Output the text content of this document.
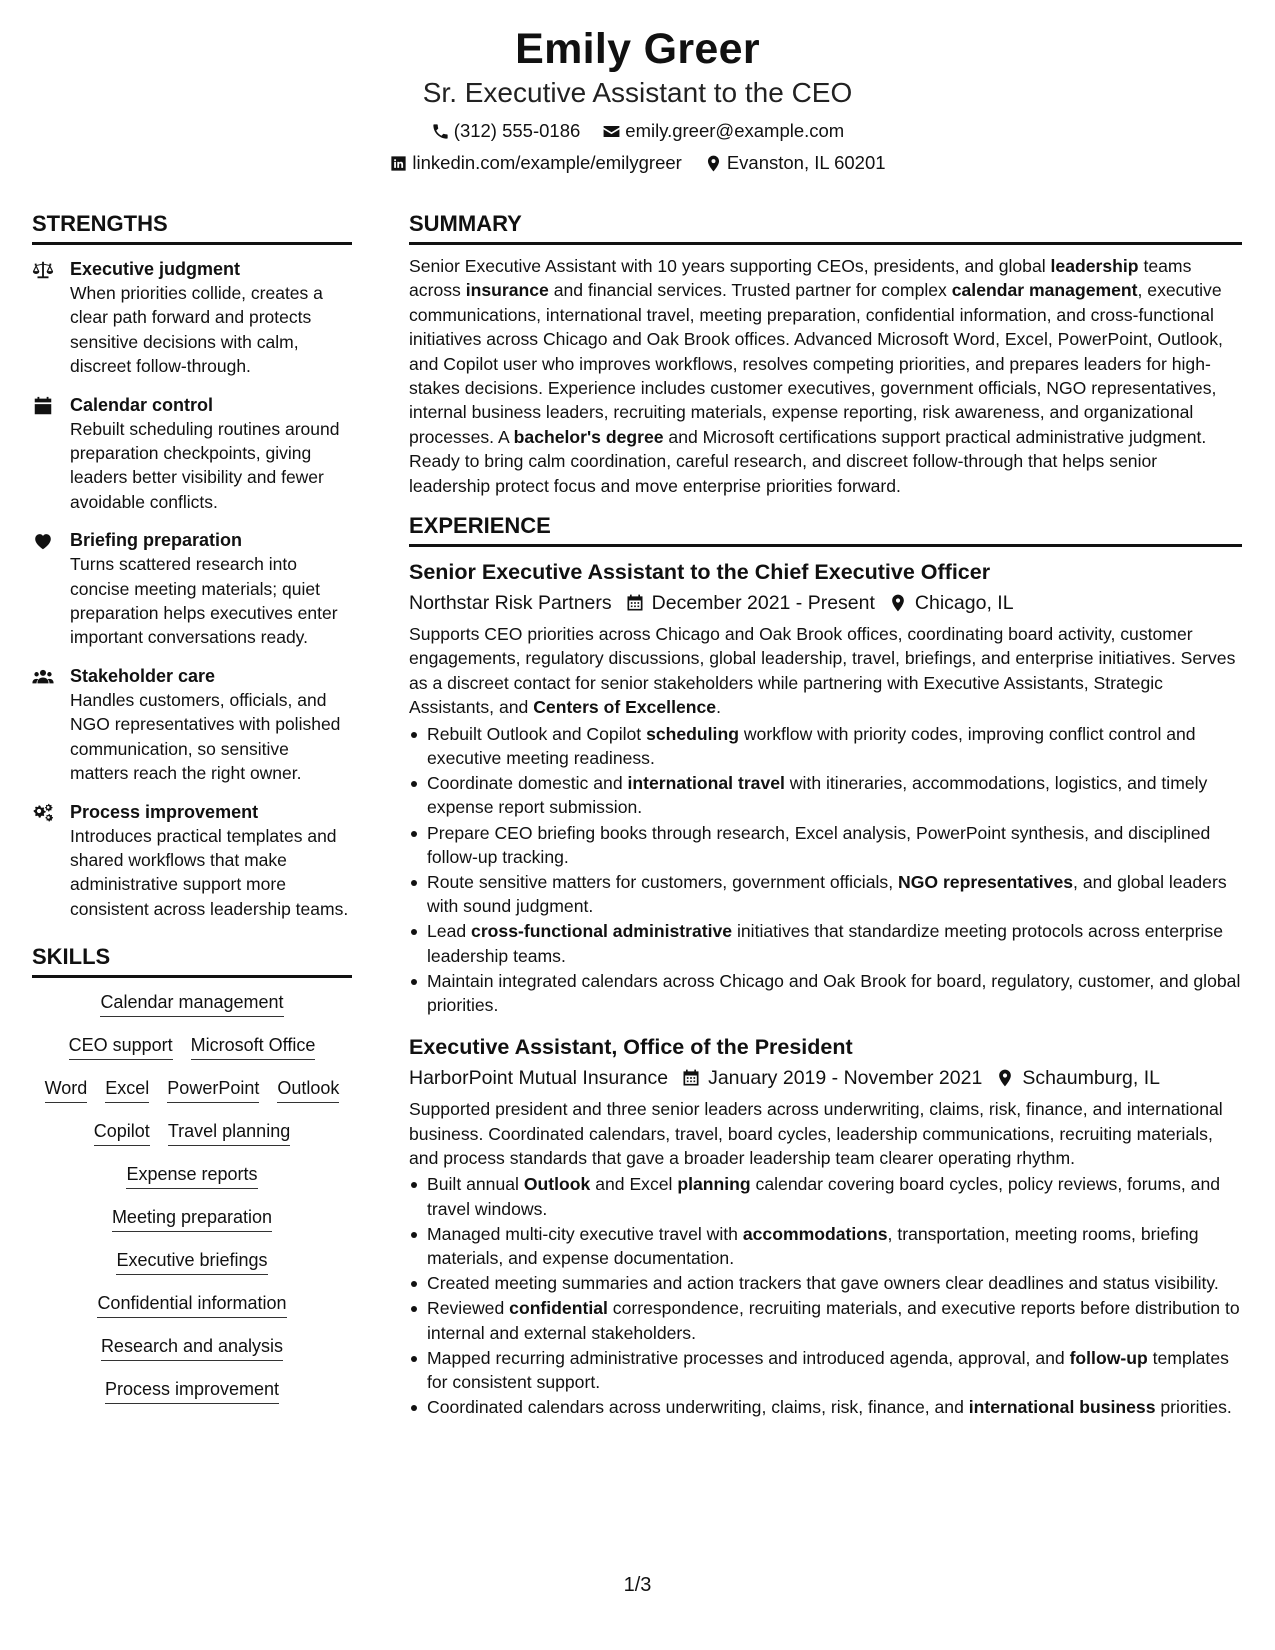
Emily Greer
Sr. Executive Assistant to the CEO
(312) 555-0186 emily.greer@example.com
linkedin.com/example/emilygreer Evanston, IL 60201
STRENGTHS
Executive judgment
When priorities collide, creates a clear path forward and protects sensitive decisions with calm, discreet follow-through.
Calendar control
Rebuilt scheduling routines around preparation checkpoints, giving leaders better visibility and fewer avoidable conflicts.
Briefing preparation
Turns scattered research into concise meeting materials; quiet preparation helps executives enter important conversations ready.
Stakeholder care
Handles customers, officials, and NGO representatives with polished communication, so sensitive matters reach the right owner.
Process improvement
Introduces practical templates and shared workflows that make administrative support more consistent across leadership teams.
SKILLS
Calendar management
CEO support Microsoft Office
Word Excel PowerPoint Outlook
Copilot Travel planning
Expense reports
Meeting preparation
Executive briefings
Confidential information
Research and analysis
Process improvement
SUMMARY
Senior Executive Assistant with 10 years supporting CEOs, presidents, and global leadership teams across insurance and financial services. Trusted partner for complex calendar management, executive communications, international travel, meeting preparation, confidential information, and cross-functional initiatives across Chicago and Oak Brook offices. Advanced Microsoft Word, Excel, PowerPoint, Outlook, and Copilot user who improves workflows, resolves competing priorities, and prepares leaders for high-stakes decisions. Experience includes customer executives, government officials, NGO representatives, internal business leaders, recruiting materials, expense reporting, risk awareness, and organizational processes. A bachelor's degree and Microsoft certifications support practical administrative judgment. Ready to bring calm coordination, careful research, and discreet follow-through that helps senior leadership protect focus and move enterprise priorities forward.
EXPERIENCE
Senior Executive Assistant to the Chief Executive Officer
Northstar Risk Partners December 2021 - Present Chicago, IL
Supports CEO priorities across Chicago and Oak Brook offices, coordinating board activity, customer engagements, regulatory discussions, global leadership, travel, briefings, and enterprise initiatives. Serves as a discreet contact for senior stakeholders while partnering with Executive Assistants, Strategic Assistants, and Centers of Excellence.
Rebuilt Outlook and Copilot scheduling workflow with priority codes, improving conflict control and executive meeting readiness.
Coordinate domestic and international travel with itineraries, accommodations, logistics, and timely expense report submission.
Prepare CEO briefing books through research, Excel analysis, PowerPoint synthesis, and disciplined follow-up tracking.
Route sensitive matters for customers, government officials, NGO representatives, and global leaders with sound judgment.
Lead cross-functional administrative initiatives that standardize meeting protocols across enterprise leadership teams.
Maintain integrated calendars across Chicago and Oak Brook for board, regulatory, customer, and global priorities.
Executive Assistant, Office of the President
HarborPoint Mutual Insurance January 2019 - November 2021 Schaumburg, IL
Supported president and three senior leaders across underwriting, claims, risk, finance, and international business. Coordinated calendars, travel, board cycles, leadership communications, recruiting materials, and process standards that gave a broader leadership team clearer operating rhythm.
Built annual Outlook and Excel planning calendar covering board cycles, policy reviews, forums, and travel windows.
Managed multi-city executive travel with accommodations, transportation, meeting rooms, briefing materials, and expense documentation.
Created meeting summaries and action trackers that gave owners clear deadlines and status visibility.
Reviewed confidential correspondence, recruiting materials, and executive reports before distribution to internal and external stakeholders.
Mapped recurring administrative processes and introduced agenda, approval, and follow-up templates for consistent support.
Coordinated calendars across underwriting, claims, risk, finance, and international business priorities.
1/3
